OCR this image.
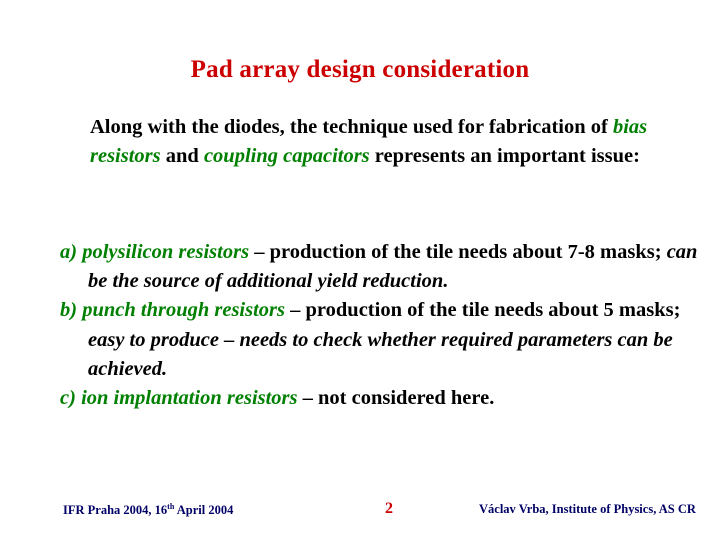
Pad array design consideration
Along with the diodes, the technique used for fabrication of bias resistors and coupling capacitors represents an important issue:
a) polysilicon resistors – production of the tile needs about 7-8 masks; can be the source of additional yield reduction.
b) punch through resistors – production of the tile needs about 5 masks; easy to produce – needs to check whether required parameters can be achieved.
c) ion implantation resistors – not considered here.
IFR Praha 2004, 16th April 2004	2	Václav Vrba, Institute of Physics, AS CR
